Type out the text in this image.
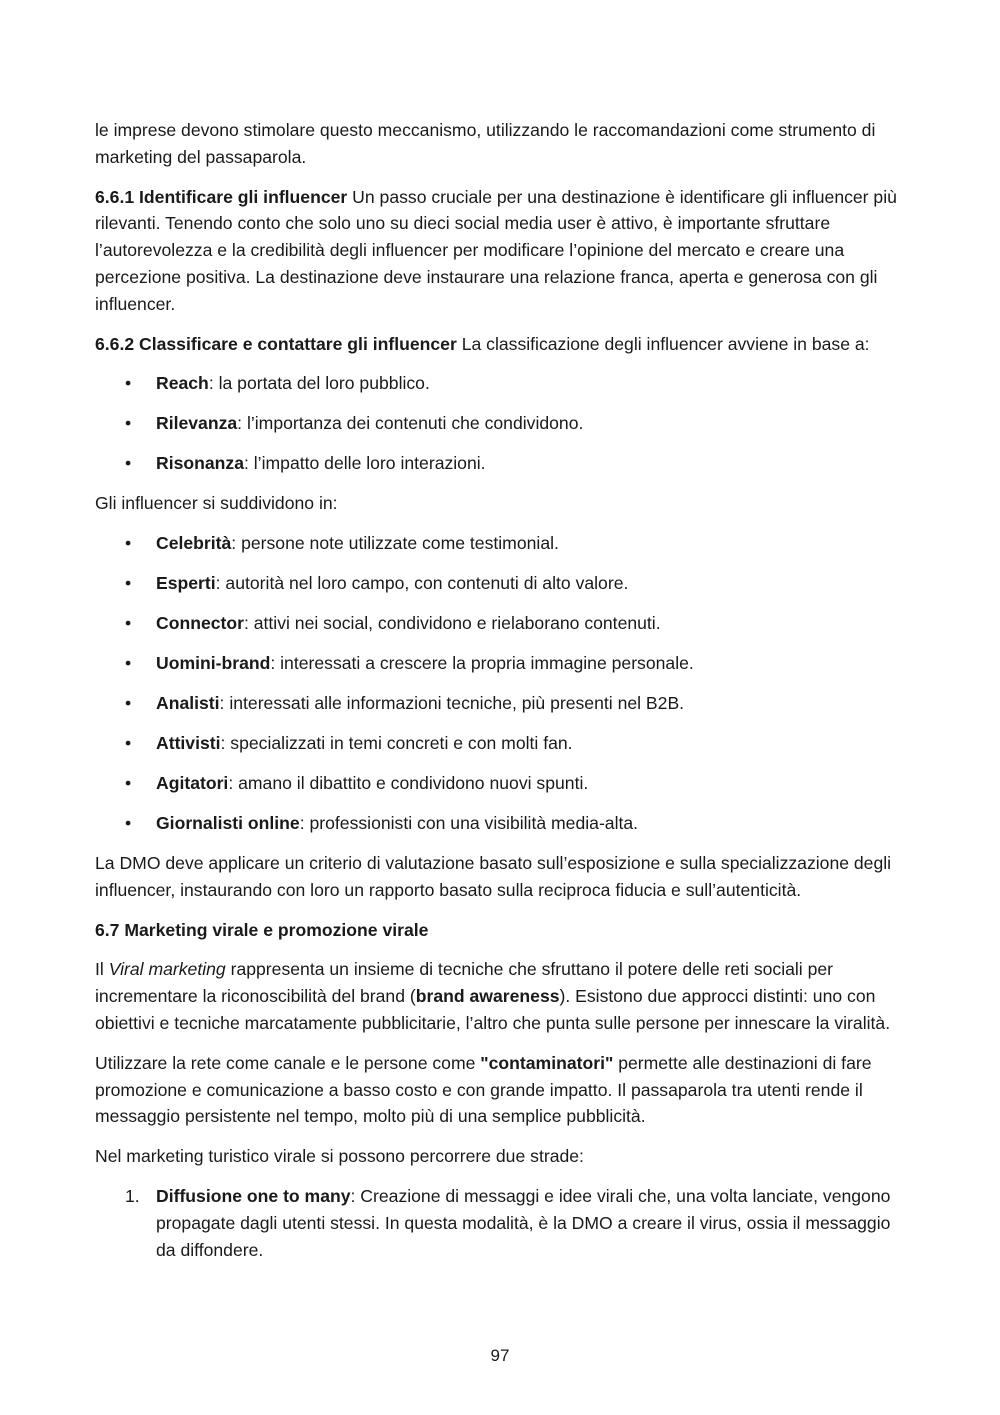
le imprese devono stimolare questo meccanismo, utilizzando le raccomandazioni come strumento di marketing del passaparola.

6.6.1 Identificare gli influencer Un passo cruciale per una destinazione è identificare gli influencer più rilevanti. Tenendo conto che solo uno su dieci social media user è attivo, è importante sfruttare l’autorevolezza e la credibilità degli influencer per modificare l’opinione del mercato e creare una percezione positiva. La destinazione deve instaurare una relazione franca, aperta e generosa con gli influencer.

6.6.2 Classificare e contattare gli influencer La classificazione degli influencer avviene in base a:

• Reach: la portata del loro pubblico.
• Rilevanza: l’importanza dei contenuti che condividono.
• Risonanza: l’impatto delle loro interazioni.

Gli influencer si suddividono in:

• Celebrità: persone note utilizzate come testimonial.
• Esperti: autorità nel loro campo, con contenuti di alto valore.
• Connector: attivi nei social, condividono e rielaborano contenuti.
• Uomini-brand: interessati a crescere la propria immagine personale.
• Analisti: interessati alle informazioni tecniche, più presenti nel B2B.
• Attivisti: specializzati in temi concreti e con molti fan.
• Agitatori: amano il dibattito e condividono nuovi spunti.
• Giornalisti online: professionisti con una visibilità media-alta.

La DMO deve applicare un criterio di valutazione basato sull’esposizione e sulla specializzazione degli influencer, instaurando con loro un rapporto basato sulla reciproca fiducia e sull’autenticità.

6.7 Marketing virale e promozione virale

Il Viral marketing rappresenta un insieme di tecniche che sfruttano il potere delle reti sociali per incrementare la riconoscibilità del brand (brand awareness). Esistono due approcci distinti: uno con obiettivi e tecniche marcatamente pubblicitarie, l’altro che punta sulle persone per innescare la viralità.

Utilizzare la rete come canale e le persone come "contaminatori" permette alle destinazioni di fare promozione e comunicazione a basso costo e con grande impatto. Il passaparola tra utenti rende il messaggio persistente nel tempo, molto più di una semplice pubblicità.

Nel marketing turistico virale si possono percorrere due strade:

1. Diffusione one to many: Creazione di messaggi e idee virali che, una volta lanciate, vengono propagate dagli utenti stessi. In questa modalità, è la DMO a creare il virus, ossia il messaggio da diffondere.
97
